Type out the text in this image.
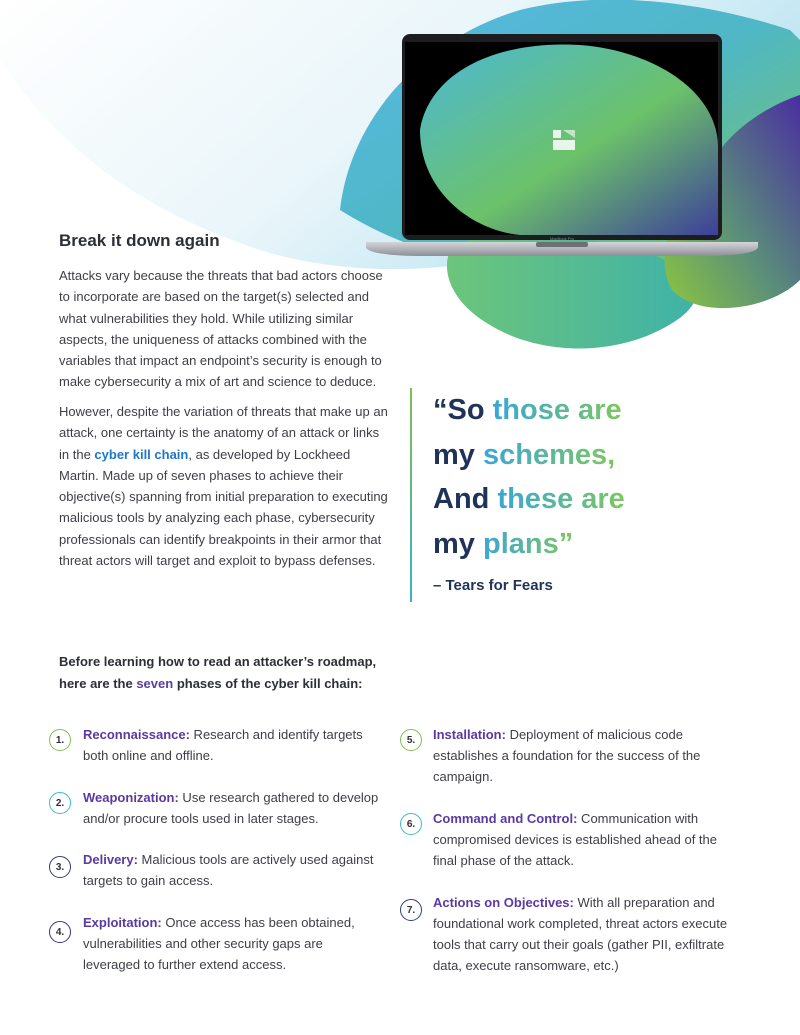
MacBook Pro
Break it down again

Attacks vary because the threats that bad actors choose to incorporate are based on the target(s) selected and what vulnerabilities they hold. While utilizing similar aspects, the uniqueness of attacks combined with the variables that impact an endpoint’s security is enough to make cybersecurity a mix of art and science to deduce.

However, despite the variation of threats that make up an attack, one certainty is the anatomy of an attack or links in the cyber kill chain, as developed by Lockheed Martin. Made up of seven phases to achieve their objective(s) spanning from initial preparation to executing malicious tools by analyzing each phase, cybersecurity professionals can identify breakpoints in their armor that threat actors will target and exploit to bypass defenses.

“So those are
my schemes,
And these are
my plans”

– Tears for Fears

Before learning how to read an attacker’s roadmap,
here are the seven phases of the cyber kill chain:

1.
2.
3.
4.
5.
6.
7.

Reconnaissance: Research and identify targets both online and offline.

Weaponization: Use research gathered to develop and/or procure tools used in later stages.

Delivery: Malicious tools are actively used against targets to gain access.

Exploitation: Once access has been obtained, vulnerabilities and other security gaps are leveraged to further extend access.

Installation: Deployment of malicious code establishes a foundation for the success of the campaign.

Command and Control: Communication with compromised devices is established ahead of the final phase of the attack.

Actions on Objectives: With all preparation and foundational work completed, threat actors execute tools that carry out their goals (gather PII, exfiltrate data, execute ransomware, etc.)
